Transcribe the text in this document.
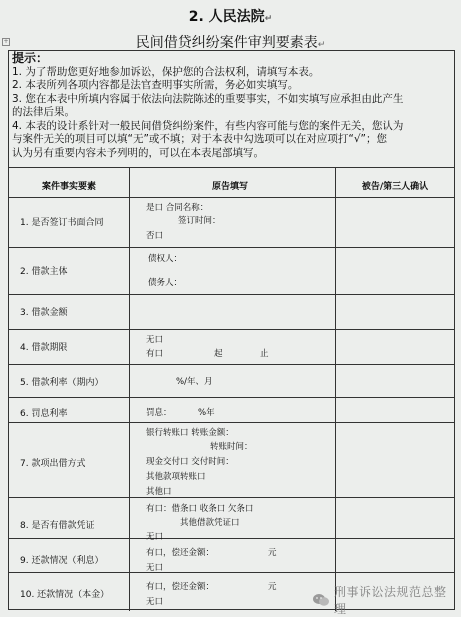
2. 人民法院↵
民间借贷纠纷案件审判要素表↵
+
提示：
1. 为了帮助您更好地参加诉讼，保护您的合法权利，请填写本表。
2. 本表所列各项内容都是法官查明事实所需，务必如实填写。
3. 您在本表中所填内容属于依法向法院陈述的重要事实，不如实填写应承担由此产生
的法律后果。
4. 本表的设计系针对一般民间借贷纠纷案件，有些内容可能与您的案件无关，您认为
与案件无关的项目可以填“无”或不填；对于本表中勾选项可以在对应项打“√”；您
认为另有重要内容未予列明的，可以在本表尾部填写。
案件事实要素	原告填写	被告/第三人确认
1. 是否签订书面合同
是口 合同名称：
签订时间：
否口
2. 借款主体
债权人：
债务人：
3. 借款金额
4. 借款期限
无口
有口	起	止
5. 借款利率（期内）	%/年、月
6. 罚息利率	罚息：	%年
7. 款项出借方式
银行转账口 转账金额：
转账时间：
现金交付口 交付时间：
其他款项转账口
其他口
8. 是否有借款凭证
有口：借条口 收条口 欠条口
其他借款凭证口
无口
9. 还款情况（利息）
有口，偿还金额：	元
无口
10. 还款情况（本金）
有口，偿还金额：	元
无口
刑事诉讼法规范总整理
